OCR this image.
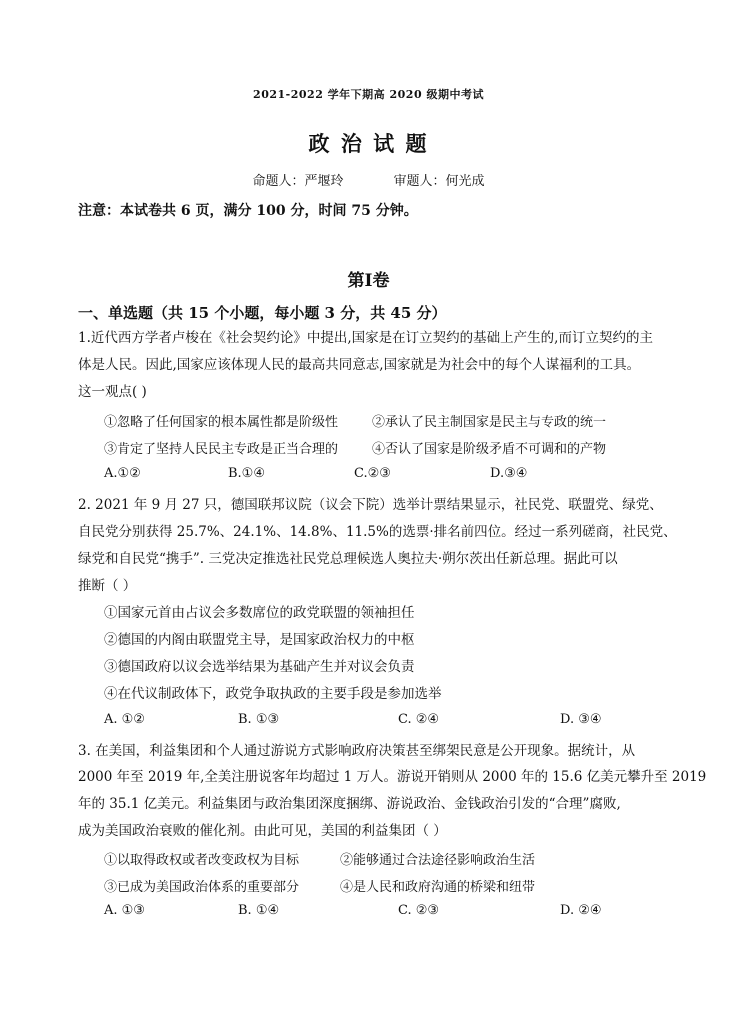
2021-2022 学年下期高 2020 级期中考试
政 治 试 题
命题人：严堰玲	审题人：何光成
注意：本试卷共 6 页，满分 100 分，时间 75 分钟。
第Ⅰ卷
一、单选题（共 15 个小题，每小题 3 分，共 45 分）
1.近代西方学者卢梭在《社会契约论》中提出,国家是在订立契约的基础上产生的,而订立契约的主
体是人民。因此,国家应该体现人民的最高共同意志,国家就是为社会中的每个人谋福利的工具。
这一观点( )
①忽略了任何国家的根本属性都是阶级性	②承认了民主制国家是民主与专政的统一
③肯定了坚持人民民主专政是正当合理的	④否认了国家是阶级矛盾不可调和的产物
A.①②	B.①④	C.②③	D.③④
2. 2021 年 9 月 27 只，德国联邦议院（议会下院）选举计票结果显示，社民党、联盟党、绿党、
自民党分别获得 25.7%、24.1%、14.8%、11.5%的选票·排名前四位。经过一系列磋商，社民党、
绿党和自民党“携手”. 三党决定推选社民党总理候选人奥拉夫·朔尔茨出任新总理。据此可以
推断（ ）
①国家元首由占议会多数席位的政党联盟的领袖担任
②德国的内阁由联盟党主导，是国家政治权力的中枢
③德国政府以议会选举结果为基础产生并对议会负责
④在代议制政体下，政党争取执政的主要手段是参加选举
A. ①②	B. ①③	C. ②④	D. ③④
3. 在美国，利益集团和个人通过游说方式影响政府决策甚至绑架民意是公开现象。据统计，从
2000 年至 2019 年,全美注册说客年均超过 1 万人。游说开销则从 2000 年的 15.6 亿美元攀升至 2019
年的 35.1 亿美元。利益集团与政治集团深度捆绑、游说政治、金钱政治引发的“合理”腐败,
成为美国政治衰败的催化剂。由此可见，美国的利益集团（ ）
①以取得政权或者改变政权为目标	②能够通过合法途径影响政治生活
③已成为美国政治体系的重要部分	④是人民和政府沟通的桥梁和纽带
A. ①③	B. ①④	C. ②③	D. ②④
